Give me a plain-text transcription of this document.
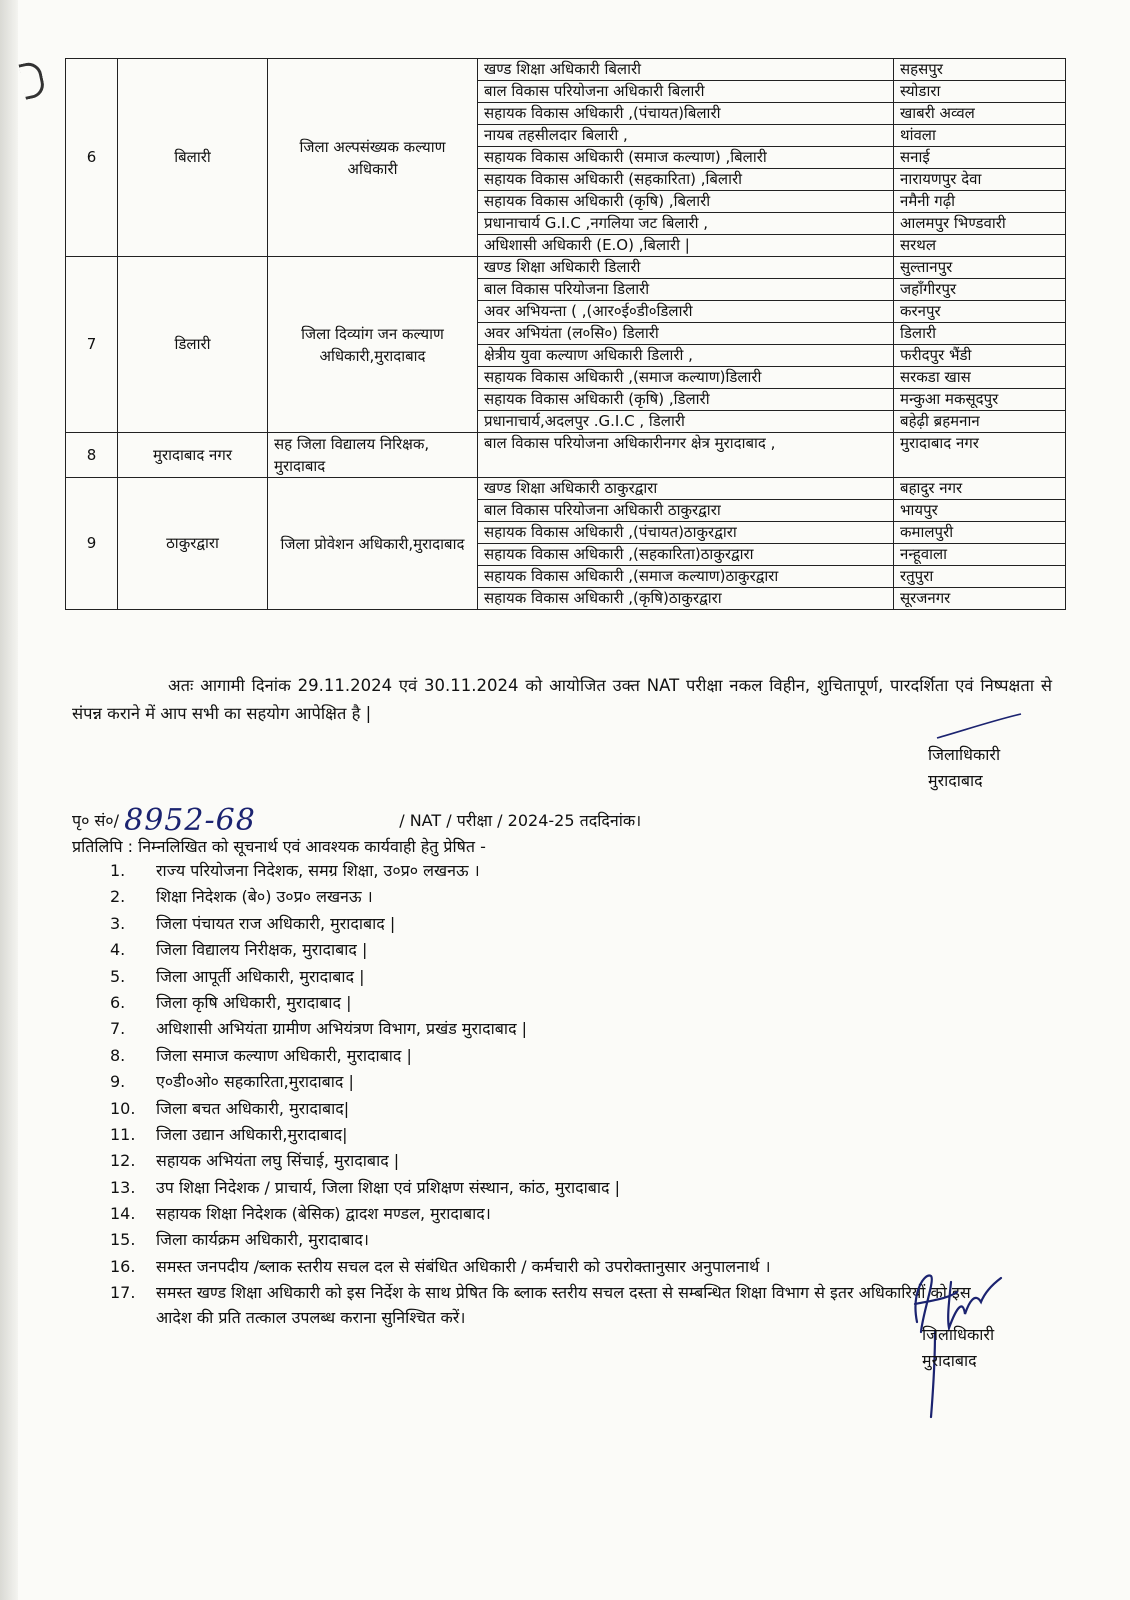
6	बिलारी	जिला अल्पसंख्यक कल्याण अधिकारी	खण्ड शिक्षा अधिकारी बिलारी	सहसपुर
			बाल विकास परियोजना अधिकारी बिलारी	स्योडारा
			सहायक विकास अधिकारी ,(पंचायत)बिलारी	खाबरी अव्वल
			नायब तहसीलदार बिलारी ,	थांवला
			सहायक विकास अधिकारी (समाज कल्याण) ,बिलारी	सनाई
			सहायक विकास अधिकारी (सहकारिता) ,बिलारी	नारायणपुर देवा
			सहायक विकास अधिकारी (कृषि) ,बिलारी	नमैनी गढ़ी
			प्रधानाचार्य G.I.C ,नगलिया जट बिलारी ,	आलमपुर भिण्डवारी
			अधिशासी अधिकारी (E.O) ,बिलारी |	सरथल
7	डिलारी	जिला दिव्यांग जन कल्याण अधिकारी,मुरादाबाद	खण्ड शिक्षा अधिकारी डिलारी	सुल्तानपुर
			बाल विकास परियोजना डिलारी	जहाँगीरपुर
			अवर अभियन्ता ( ,(आर०ई०डी०डिलारी	करनपुर
			अवर अभियंता (ल०सि०) डिलारी	डिलारी
			क्षेत्रीय युवा कल्याण अधिकारी डिलारी ,	फरीदपुर भैंडी
			सहायक विकास अधिकारी ,(समाज कल्याण)डिलारी	सरकडा खास
			सहायक विकास अधिकारी (कृषि) ,डिलारी	मन्कुआ मकसूदपुर
			प्रधानाचार्य,अदलपुर .G.I.C , डिलारी	बहेढ़ी ब्रहमनान
8	मुरादाबाद नगर	सह जिला विद्यालय निरिक्षक, मुरादाबाद	बाल विकास परियोजना अधिकारीनगर क्षेत्र मुरादाबाद ,	मुरादाबाद नगर
9	ठाकुरद्वारा	जिला प्रोवेशन अधिकारी,मुरादाबाद	खण्ड शिक्षा अधिकारी ठाकुरद्वारा	बहादुर नगर
			बाल विकास परियोजना अधिकारी ठाकुरद्वारा	भायपुर
			सहायक विकास अधिकारी ,(पंचायत)ठाकुरद्वारा	कमालपुरी
			सहायक विकास अधिकारी ,(सहकारिता)ठाकुरद्वारा	नन्हूवाला
			सहायक विकास अधिकारी ,(समाज कल्याण)ठाकुरद्वारा	रतुपुरा
			सहायक विकास अधिकारी ,(कृषि)ठाकुरद्वारा	सूरजनगर
अतः आगामी दिनांक 29.11.2024 एवं 30.11.2024 को आयोजित उक्त NAT परीक्षा नकल विहीन, शुचितापूर्ण, पारदर्शिता एवं निष्पक्षता से संपन्न कराने में आप सभी का सहयोग आपेक्षित है |
जिलाधिकारी
मुरादाबाद
पृ० सं०/ 8952-68	/ NAT / परीक्षा / 2024-25 तददिनांक।
प्रतिलिपि : निम्नलिखित को सूचनार्थ एवं आवश्यक कार्यवाही हेतु प्रेषित -
1. राज्य परियोजना निदेशक, समग्र शिक्षा, उ०प्र० लखनऊ ।
2. शिक्षा निदेशक (बे०) उ०प्र० लखनऊ ।
3. जिला पंचायत राज अधिकारी, मुरादाबाद |
4. जिला विद्यालय निरीक्षक, मुरादाबाद |
5. जिला आपूर्ती अधिकारी, मुरादाबाद |
6. जिला कृषि अधिकारी, मुरादाबाद |
7. अधिशासी अभियंता ग्रामीण अभियंत्रण विभाग, प्रखंड मुरादाबाद |
8. जिला समाज कल्याण अधिकारी, मुरादाबाद |
9. ए०डी०ओ० सहकारिता,मुरादाबाद |
10. जिला बचत अधिकारी, मुरादाबाद|
11. जिला उद्यान अधिकारी,मुरादाबाद|
12. सहायक अभियंता लघु सिंचाई, मुरादाबाद |
13. उप शिक्षा निदेशक / प्राचार्य, जिला शिक्षा एवं प्रशिक्षण संस्थान, कांठ, मुरादाबाद |
14. सहायक शिक्षा निदेशक (बेसिक) द्वादश मण्डल, मुरादाबाद।
15. जिला कार्यक्रम अधिकारी, मुरादाबाद।
16. समस्त जनपदीय /ब्लाक स्तरीय सचल दल से संबंधित अधिकारी / कर्मचारी को उपरोक्तानुसार अनुपालनार्थ ।
17. समस्त खण्ड शिक्षा अधिकारी को इस निर्देश के साथ प्रेषित कि ब्लाक स्तरीय सचल दस्ता से सम्बन्धित शिक्षा विभाग से इतर अधिकारियों को इस आदेश की प्रति तत्काल उपलब्ध कराना सुनिश्चित करें।
जिलाधिकारी
मुरादाबाद
